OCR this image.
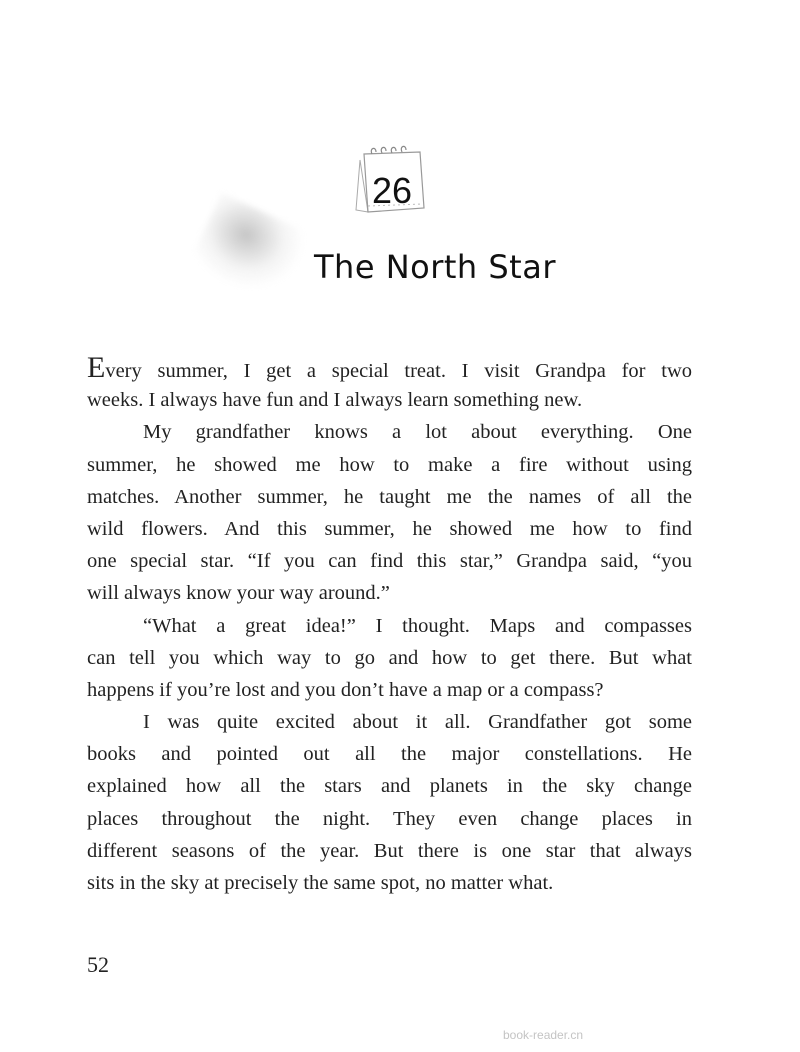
26
The North Star
Every summer, I get a special treat. I visit Grandpa for two
weeks. I always have fun and I always learn something new.
My grandfather knows a lot about everything. One
summer, he showed me how to make a fire without using
matches. Another summer, he taught me the names of all the
wild flowers. And this summer, he showed me how to find
one special star. “If you can find this star,” Grandpa said, “you
will always know your way around.”
“What a great idea!” I thought. Maps and compasses
can tell you which way to go and how to get there. But what
happens if you’re lost and you don’t have a map or a compass?
I was quite excited about it all. Grandfather got some
books and pointed out all the major constellations. He
explained how all the stars and planets in the sky change
places throughout the night. They even change places in
different seasons of the year. But there is one star that always
sits in the sky at precisely the same spot, no matter what.
52
book-reader.cn
